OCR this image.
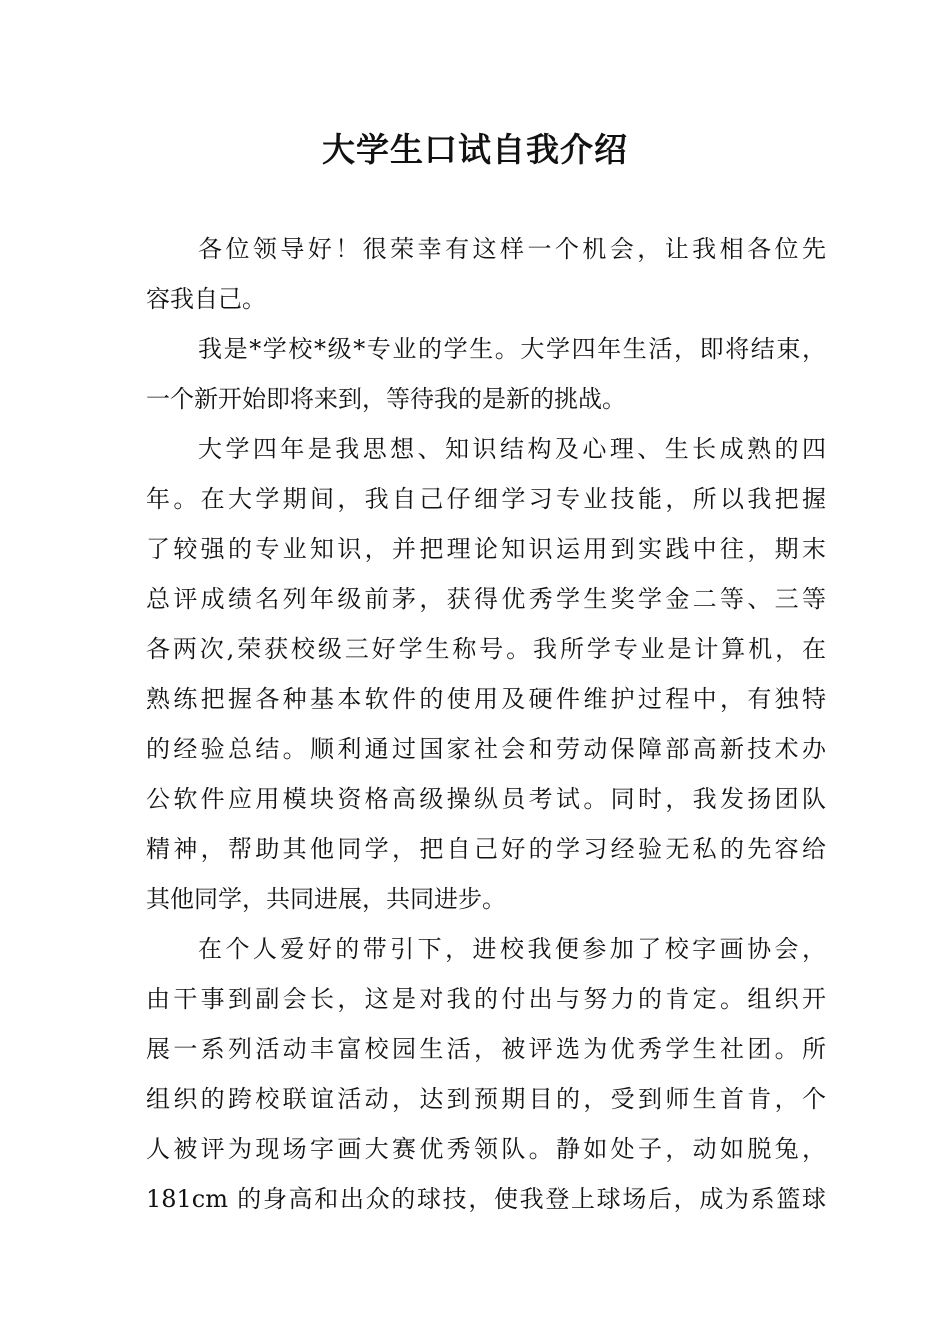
大学生口试自我介绍
各位领导好！很荣幸有这样一个机会，让我相各位先
容我自己。
我是*学校*级*专业的学生。大学四年生活，即将结束，
一个新开始即将来到，等待我的是新的挑战。
大学四年是我思想、知识结构及心理、生长成熟的四
年。在大学期间，我自己仔细学习专业技能，所以我把握
了较强的专业知识，并把理论知识运用到实践中往，期末
总评成绩名列年级前茅，获得优秀学生奖学金二等、三等
各两次,荣获校级三好学生称号。我所学专业是计算机，在
熟练把握各种基本软件的使用及硬件维护过程中，有独特
的经验总结。顺利通过国家社会和劳动保障部高新技术办
公软件应用模块资格高级操纵员考试。同时，我发扬团队
精神，帮助其他同学，把自己好的学习经验无私的先容给
其他同学，共同进展，共同进步。
在个人爱好的带引下，进校我便参加了校字画协会，
由干事到副会长，这是对我的付出与努力的肯定。组织开
展一系列活动丰富校园生活，被评选为优秀学生社团。所
组织的跨校联谊活动，达到预期目的，受到师生首肯，个
人被评为现场字画大赛优秀领队。静如处子，动如脱兔，
181cm 的身高和出众的球技，使我登上球场后，成为系篮球
